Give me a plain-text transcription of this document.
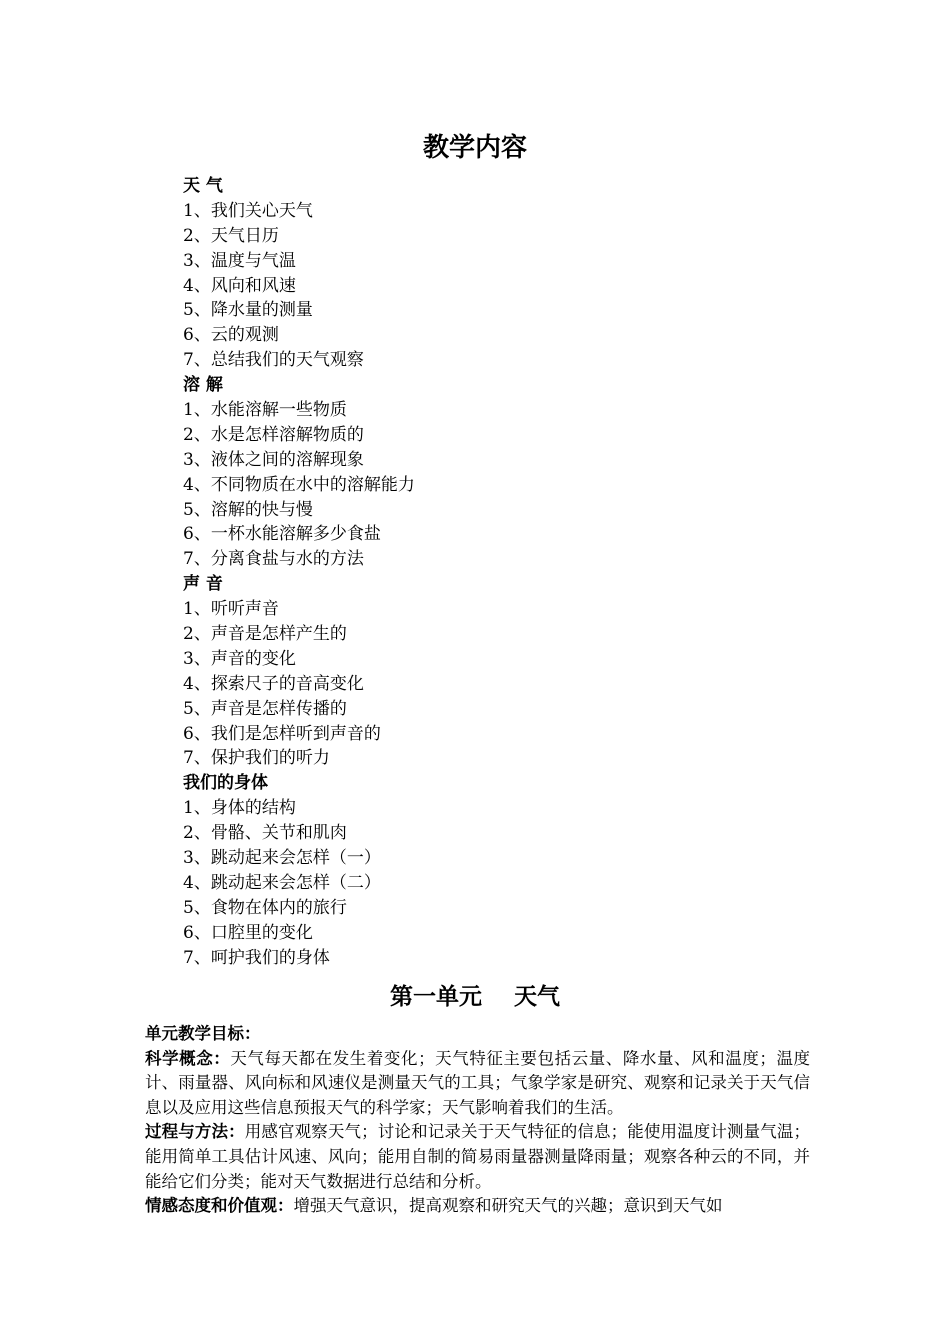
教学内容
天 气
1、我们关心天气
2、天气日历
3、温度与气温
4、风向和风速
5、降水量的测量
6、云的观测
7、总结我们的天气观察
溶 解
1、水能溶解一些物质
2、水是怎样溶解物质的
3、液体之间的溶解现象
4、不同物质在水中的溶解能力
5、溶解的快与慢
6、一杯水能溶解多少食盐
7、分离食盐与水的方法
声 音
1、听听声音
2、声音是怎样产生的
3、声音的变化
4、探索尺子的音高变化
5、声音是怎样传播的
6、我们是怎样听到声音的
7、保护我们的听力
我们的身体
1、身体的结构
2、骨骼、关节和肌肉
3、跳动起来会怎样（一）
4、跳动起来会怎样（二）
5、食物在体内的旅行
6、口腔里的变化
7、呵护我们的身体
第一单元    天气

单元教学目标：

科学概念：天气每天都在发生着变化；天气特征主要包括云量、降水量、风和温度；温度计、雨量器、风向标和风速仪是测量天气的工具；气象学家是研究、观察和记录关于天气信息以及应用这些信息预报天气的科学家；天气影响着我们的生活。

过程与方法：用感官观察天气；讨论和记录关于天气特征的信息；能使用温度计测量气温；能用简单工具估计风速、风向；能用自制的简易雨量器测量降雨量；观察各种云的不同，并能给它们分类；能对天气数据进行总结和分析。

情感态度和价值观：增强天气意识，提高观察和研究天气的兴趣；意识到天气如
